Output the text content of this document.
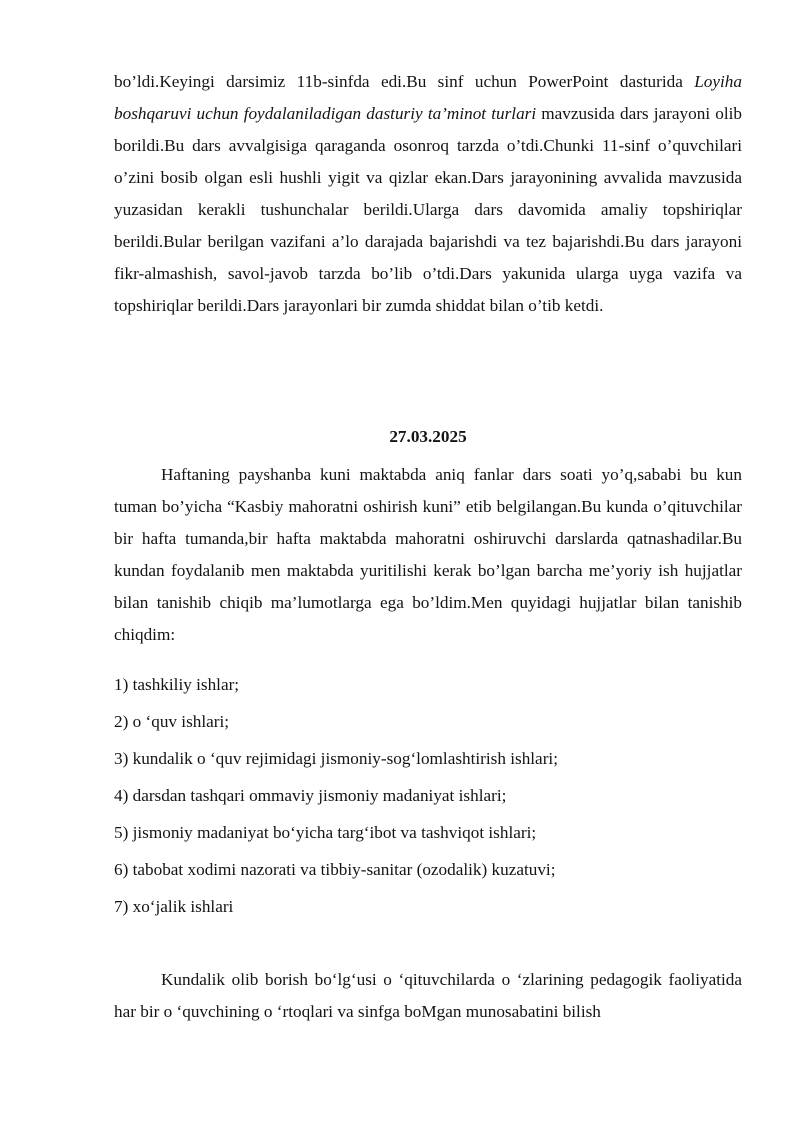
bo’ldi.Keyingi darsimiz 11b-sinfda edi.Bu sinf uchun PowerPoint dasturida Loyiha boshqaruvi uchun foydalaniladigan dasturiy ta’minot turlari mavzusida dars jarayoni olib borildi.Bu dars avvalgisiga qaraganda osonroq tarzda o’tdi.Chunki 11-sinf o’quvchilari o’zini bosib olgan esli hushli yigit va qizlar ekan.Dars jarayonining avvalida mavzusida yuzasidan kerakli tushunchalar berildi.Ularga dars davomida amaliy topshiriqlar berildi.Bular berilgan vazifani a’lo darajada bajarishdi va tez bajarishdi.Bu dars jarayoni fikr-almashish, savol-javob tarzda bo’lib o’tdi.Dars yakunida ularga uyga vazifa va topshiriqlar berildi.Dars jarayonlari bir zumda shiddat bilan o’tib ketdi.

27.03.2025

Haftaning payshanba kuni maktabda aniq fanlar dars soati yo’q,sababi bu kun tuman bo’yicha “Kasbiy mahoratni oshirish kuni” etib belgilangan.Bu kunda o’qituvchilar bir hafta tumanda,bir hafta maktabda mahoratni oshiruvchi darslarda qatnashadilar.Bu kundan foydalanib men maktabda yuritilishi kerak bo’lgan barcha me’yoriy ish hujjatlar bilan tanishib chiqib ma’lumotlarga ega bo’ldim.Men quyidagi hujjatlar bilan tanishib chiqdim:

1) tashkiliy ishlar;
2) o ‘quv ishlari;
3) kundalik o ‘quv rejimidagi jismoniy-sog‘lomlashtirish ishlari;
4) darsdan tashqari ommaviy jismoniy madaniyat ishlari;
5) jismoniy madaniyat bo‘yicha targ‘ibot va tashviqot ishlari;
6) tabobat xodimi nazorati va tibbiy-sanitar (ozodalik) kuzatuvi;
7) xo‘jalik ishlari

Kundalik olib borish bo‘lg‘usi o ‘qituvchilarda o ‘zlarining pedagogik faoliyatida har bir o ‘quvchining o ‘rtoqlari va sinfga boMgan munosabatini bilish
